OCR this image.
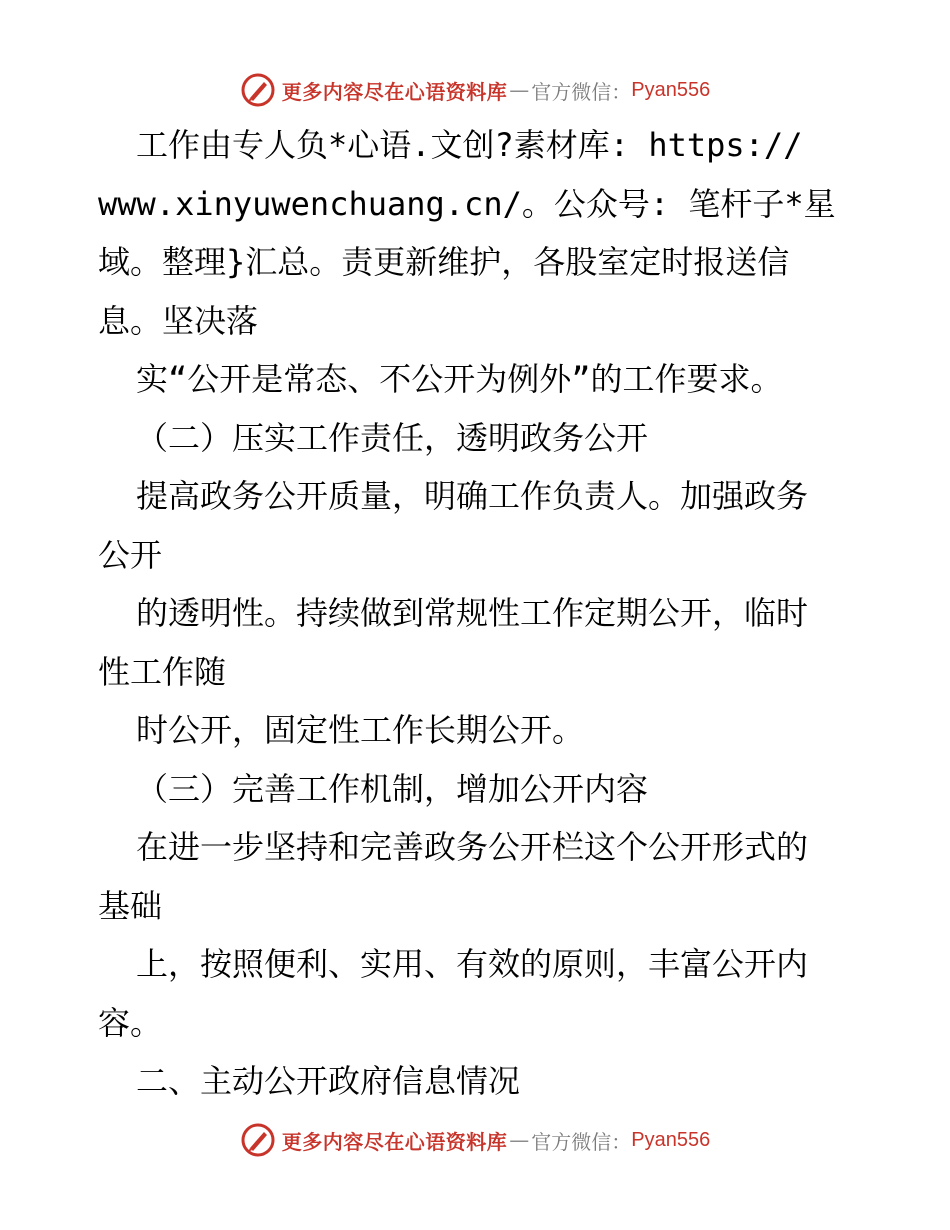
更多内容尽在心语资料库 — 官方微信： Pyan556
工作由专人负*心语.文创?素材库: https://
www.xinyuwenchuang.cn/。公众号: 笔杆子*星
域。整理}汇总。责更新维护，各股室定时报送信
息。坚决落
实“公开是常态、不公开为例外”的工作要求。
（二）压实工作责任，透明政务公开
提高政务公开质量，明确工作负责人。加强政务
公开
的透明性。持续做到常规性工作定期公开，临时
性工作随
时公开，固定性工作长期公开。
（三）完善工作机制，增加公开内容
在进一步坚持和完善政务公开栏这个公开形式的
基础
上，按照便利、实用、有效的原则，丰富公开内
容。
二、主动公开政府信息情况
更多内容尽在心语资料库 — 官方微信： Pyan556
